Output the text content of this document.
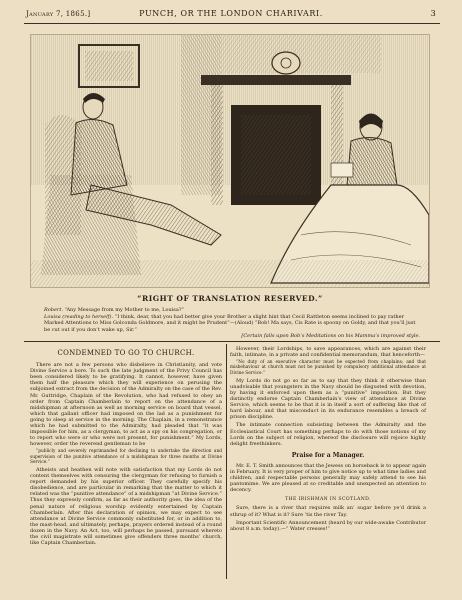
January 7, 1865.]	PUNCH, OR THE LONDON CHARIVARI.	3
“RIGHT OF TRANSLATION RESERVED.”
Robert. “Any Message from my Mother to me, Louisa?”
Louisa (reading to herself). “I think, dear, that you had better give your Brother a slight hint that Cecil Rattleton seems inclined to pay rather Marked Attentions to Miss Golconda Goldmore, and it might be Prudent”—(Aloud) “Bob! Ma says, Cis Rate is spoony on Goldy, and that you’ll just be cut out if you don’t wake up, Sir.”
[Certain falls upon Bob’s Meditations on his Mamma’s improved style.
CONDEMNED TO GO TO CHURCH.

There are not a few persons who disbelieve in Christianity, and vote Divine Service a bore. To such the late judgment of the Privy Council has been considered likely to be gratifying. It cannot, however, have given them half the pleasure which they will experience on perusing the subjoined extract from the decision of the Admiralty on the case of the Rev. Mr. Guttridge, Chaplain of the Revolution, who had refused to obey an order from Captain Chamberlain to report on the attendance of a midshipman at afternoon as well as morning service on board that vessel, which that gallant officer had imposed on the lad as a punishment for going to sleep at service in the morning. The Chaplain, in a remonstrance which he had submitted to the Admiralty, had pleaded that “it was impossible for him, as a clergyman, to act as a spy on his congregation, or to report who were or who were not present, for punishment.” My Lords, however, order the reverend gentleman to be

“publicly and severely reprimanded for declining to undertake the direction and supervision of the punitive attendance of a midshipman for three months at Divine Service.”

Atheists and heathen will note with satisfaction that my Lords do not content themselves with censuring the clergyman for refusing to furnish a report demanded by his superior officer. They carefully specify his disobedience, and are particular in remarking that the matter to which it related was the “punitive attendance” of a midshipman “at Divine Service.” Thus they expressly confirm, as far as their authority goes, the idea of the penal nature of religious worship evidently entertained by Captain Chamberlain. After this declaration of opinion, we may expect to see attendance at Divine Service commonly substituted for, or in addition to, the mast-head, and ultimately, perhaps, prayers ordered instead of a round dozen in the Navy. An Act, too, will perhaps be passed, pursuant whereto the civil magistrate will sometimes give offenders three months’ church, like Captain Chamberlain.

However, their Lordships, to save appearances, which are against their faith, intimate, in a private and confidential memorandum, that henceforth—

“No duty of an executive character must be expected from chaplains; and that misbehaviour at church must not be punished by compulsory additional attendance at Divine Service.”

My Lords do not go so far as to say that they think it otherwise than unadvisable that youngsters in the Navy should be disgusted with devotion, by having it enforced upon them as a “punitive” imposition. But they distinctly endorse Captain Chamberlain’s view of attendance at Divine Service, which seems to be that it is in itself a sort of suffering like that of hard labour, and that misconduct in its endurance resembles a breach of prison discipline.

The intimate connection subsisting between the Admiralty and the Ecclesiastical Court has something perhaps to do with those notions of my Lords on the subject of religion, whereof the disclosure will rejoice highly delight freethinkers.

Praise for a Manager.

Mr. E. T. Smith announces that the Jewess on horseback is to appear again in February. It is very proper of him to give notice up to what time ladies and children, and respectable persons generally may safely attend to see his pantomime. We are pleased at so creditable and unexpected an attention to decency.

THE IRISHMAN IN SCOTLAND.

Sure, there is a river that requires milk an’ sugar before ye’d drink a sthrup of it? What is it? Sure ‘tis the river Tay.

Important Scientific Announcement (heard by our wide-awake Contributor about 8 a.m. today).—“ Water cresses!”
